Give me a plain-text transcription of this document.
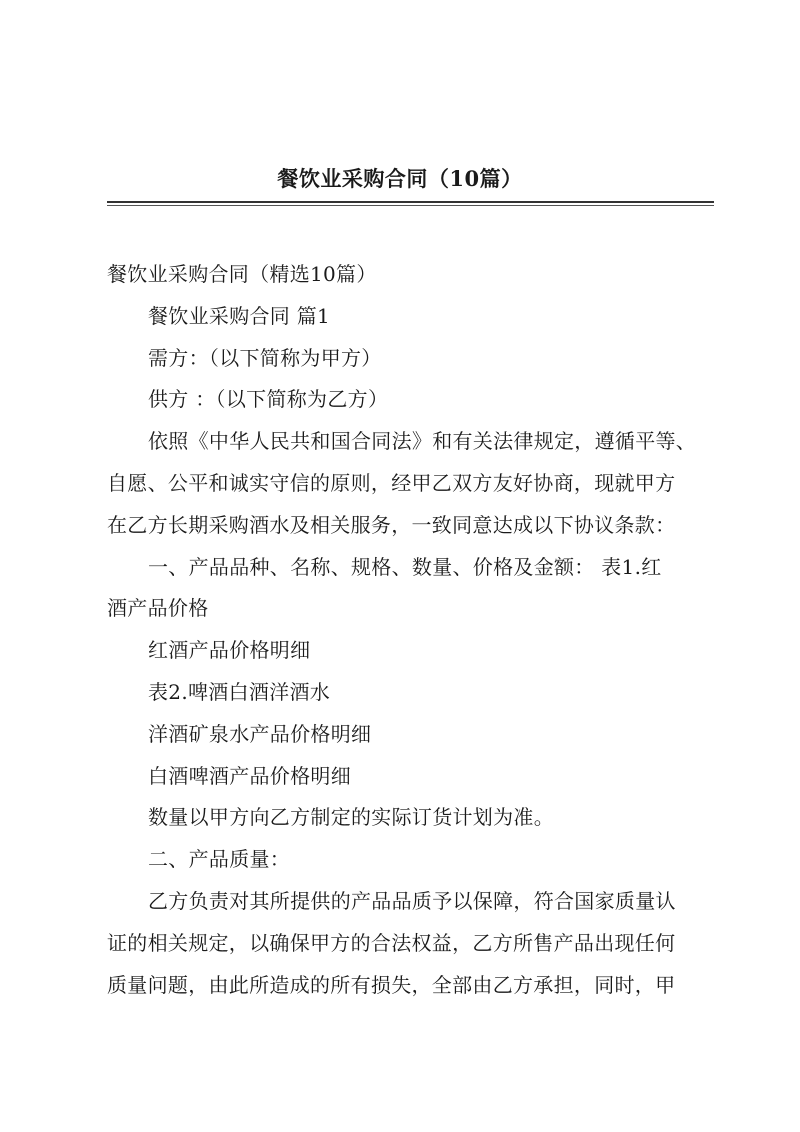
餐饮业采购合同（10篇）

餐饮业采购合同（精选10篇）

餐饮业采购合同 篇1

需方：（以下简称为甲方）

供方 ：（以下简称为乙方）

依照《中华人民共和国合同法》和有关法律规定，遵循平等、

自愿、公平和诚实守信的原则，经甲乙双方友好协商，现就甲方

在乙方长期采购酒水及相关服务，一致同意达成以下协议条款：

一、产品品种、名称、规格、数量、价格及金额： 表1.红

酒产品价格

红酒产品价格明细

表2.啤酒白酒洋酒水

洋酒矿泉水产品价格明细

白酒啤酒产品价格明细

数量以甲方向乙方制定的实际订货计划为准。

二、产品质量：

乙方负责对其所提供的产品品质予以保障，符合国家质量认

证的相关规定，以确保甲方的合法权益，乙方所售产品出现任何

质量问题，由此所造成的所有损失，全部由乙方承担，同时，甲
